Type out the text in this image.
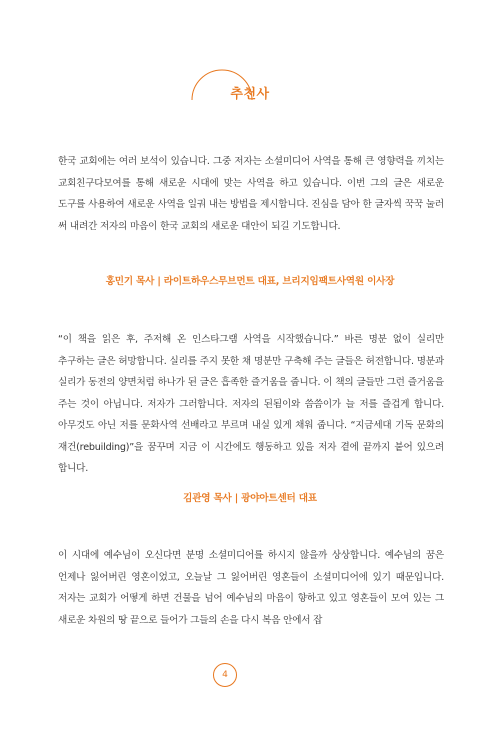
추천사

한국 교회에는 여러 보석이 있습니다. 그중 저자는 소셜미디어 사역을 통해 큰 영향력을 끼치는 교회친구다모여를 통해 새로운 시대에 맞는 사역을 하고 있습니다. 이번 그의 글은 새로운 도구를 사용하여 새로운 사역을 일궈 내는 방법을 제시합니다. 진심을 담아 한 글자씩 꾹꾹 눌러 써 내려간 저자의 마음이 한국 교회의 새로운 대안이 되길 기도합니다.

홍민기 목사 | 라이트하우스무브먼트 대표, 브리지임팩트사역원 이사장

“이 책을 읽은 후, 주저해 온 인스타그램 사역을 시작했습니다.” 바른 명분 없이 실리만 추구하는 글은 허망합니다. 실리를 주지 못한 채 명분만 구축해 주는 글들은 허전합니다. 명분과 실리가 동전의 양면처럼 하나가 된 글은 흡족한 즐거움을 줍니다. 이 책의 글들만 그런 즐거움을 주는 것이 아닙니다. 저자가 그러합니다. 저자의 된됨이와 씀씀이가 늘 저를 즐겁게 합니다. 아무것도 아닌 저를 문화사역 선배라고 부르며 내실 있게 채워 줍니다. “지금세대 기독 문화의 재건(rebuilding)”을 꿈꾸며 지금 이 시간에도 행동하고 있을 저자 곁에 끝까지 붙어 있으려 합니다.

김관영 목사 | 광야아트센터 대표

이 시대에 예수님이 오신다면 분명 소셜미디어를 하시지 않을까 상상합니다. 예수님의 꿈은 언제나 잃어버린 영혼이었고, 오늘날 그 잃어버린 영혼들이 소셜미디어에 있기 때문입니다. 저자는 교회가 어떻게 하면 건물을 넘어 예수님의 마음이 향하고 있고 영혼들이 모여 있는 그 새로운 차원의 땅 끝으로 들어가 그들의 손을 다시 복음 안에서 잡

4
